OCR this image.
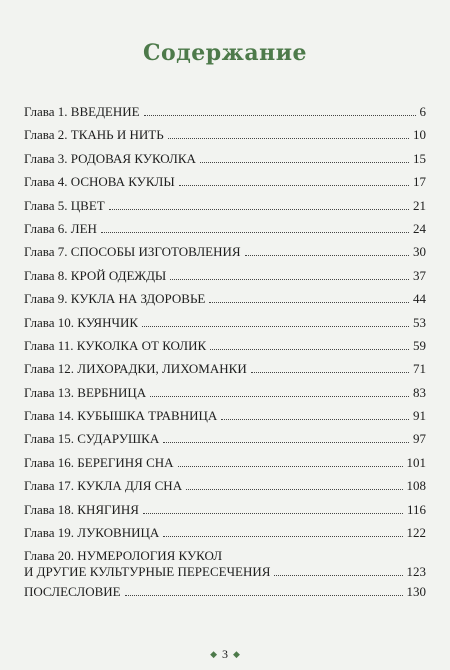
Содержание
Глава 1. ВВЕДЕНИЕ	6
Глава 2. ТКАНЬ И НИТЬ	10
Глава 3. РОДОВАЯ КУКОЛКА	15
Глава 4. ОСНОВА КУКЛЫ	17
Глава 5. ЦВЕТ	21
Глава 6. ЛЕН	24
Глава 7. СПОСОБЫ ИЗГОТОВЛЕНИЯ	30
Глава 8. КРОЙ ОДЕЖДЫ	37
Глава 9. КУКЛА НА ЗДОРОВЬЕ	44
Глава 10. КУЯНЧИК	53
Глава 11. КУКОЛКА ОТ КОЛИК	59
Глава 12. ЛИХОРАДКИ, ЛИХОМАНКИ	71
Глава 13. ВЕРБНИЦА	83
Глава 14. КУБЫШКА ТРАВНИЦА	91
Глава 15. СУДАРУШКА	97
Глава 16. БЕРЕГИНЯ СНА	101
Глава 17. КУКЛА ДЛЯ СНА	108
Глава 18. КНЯГИНЯ	116
Глава 19. ЛУКОВНИЦА	122
Глава 20. НУМЕРОЛОГИЯ КУКОЛ
И ДРУГИЕ КУЛЬТУРНЫЕ ПЕРЕСЕЧЕНИЯ	123
ПОСЛЕСЛОВИЕ	130
◆ 3 ◆
